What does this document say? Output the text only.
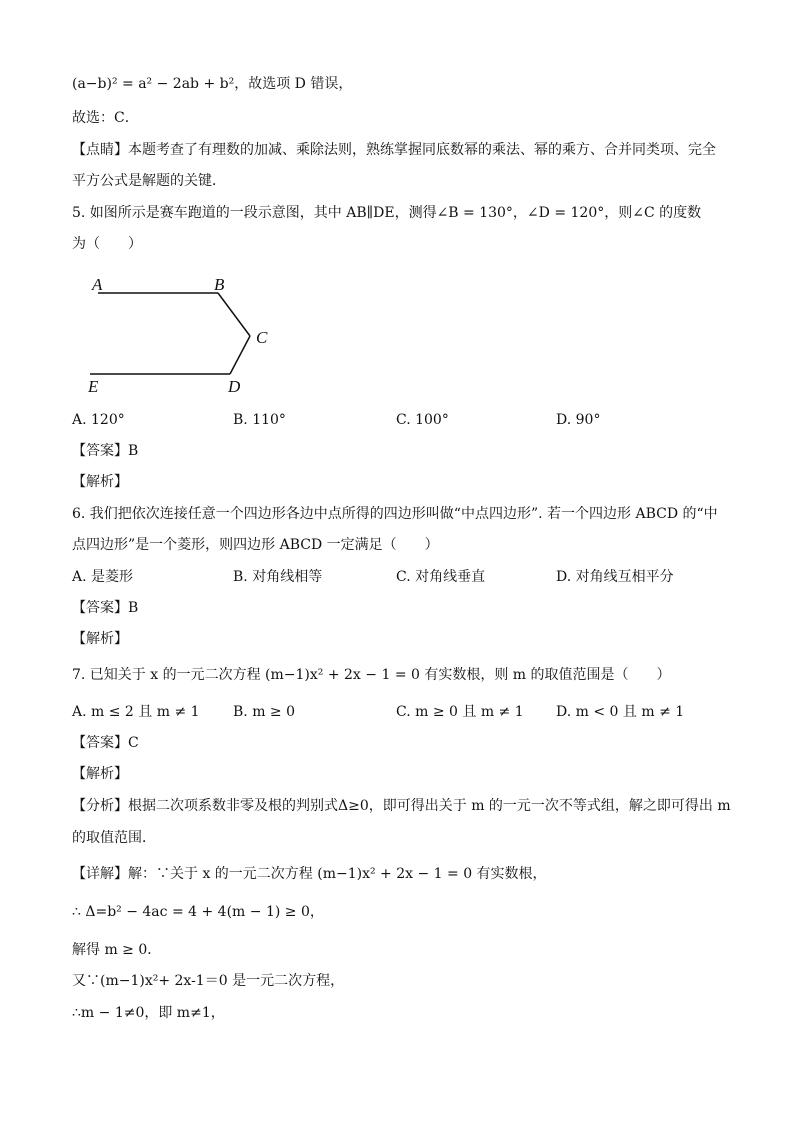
(a−b)² = a² − 2ab + b²，故选项 D 错误，
故选：C．
【点睛】本题考查了有理数的加减、乘除法则，熟练掌握同底数幂的乘法、幂的乘方、合并同类项、完全
平方公式是解题的关键．
5. 如图所示是赛车跑道的一段示意图，其中 AB∥DE，测得∠B = 130°，∠D = 120°，则∠C 的度数
为（　　）
A	B
C
D
E
A. 120°	B. 110°	C. 100°	D. 90°
【答案】B
【解析】
6. 我们把依次连接任意一个四边形各边中点所得的四边形叫做“中点四边形”. 若一个四边形 ABCD 的“中
点四边形”是一个菱形，则四边形 ABCD 一定满足（　　）
A. 是菱形	B. 对角线相等	C. 对角线垂直	D. 对角线互相平分
【答案】B
【解析】
7. 已知关于 x 的一元二次方程 (m−1)x² + 2x − 1 = 0 有实数根，则 m 的取值范围是（　　）
A. m ≤ 2 且 m ≠ 1 B. m ≥ 0	C. m ≥ 0 且 m ≠ 1 D. m < 0 且 m ≠ 1
【答案】C
【解析】
【分析】根据二次项系数非零及根的判别式Δ≥0，即可得出关于 m 的一元一次不等式组，解之即可得出 m
的取值范围．
【详解】解：∵关于 x 的一元二次方程 (m−1)x² + 2x − 1 = 0 有实数根，
∴ Δ=b² − 4ac = 4 + 4(m − 1) ≥ 0，
解得 m ≥ 0．
又∵(m−1)x²+ 2x-1＝0 是一元二次方程，
∴m − 1≠0，即 m≠1，
